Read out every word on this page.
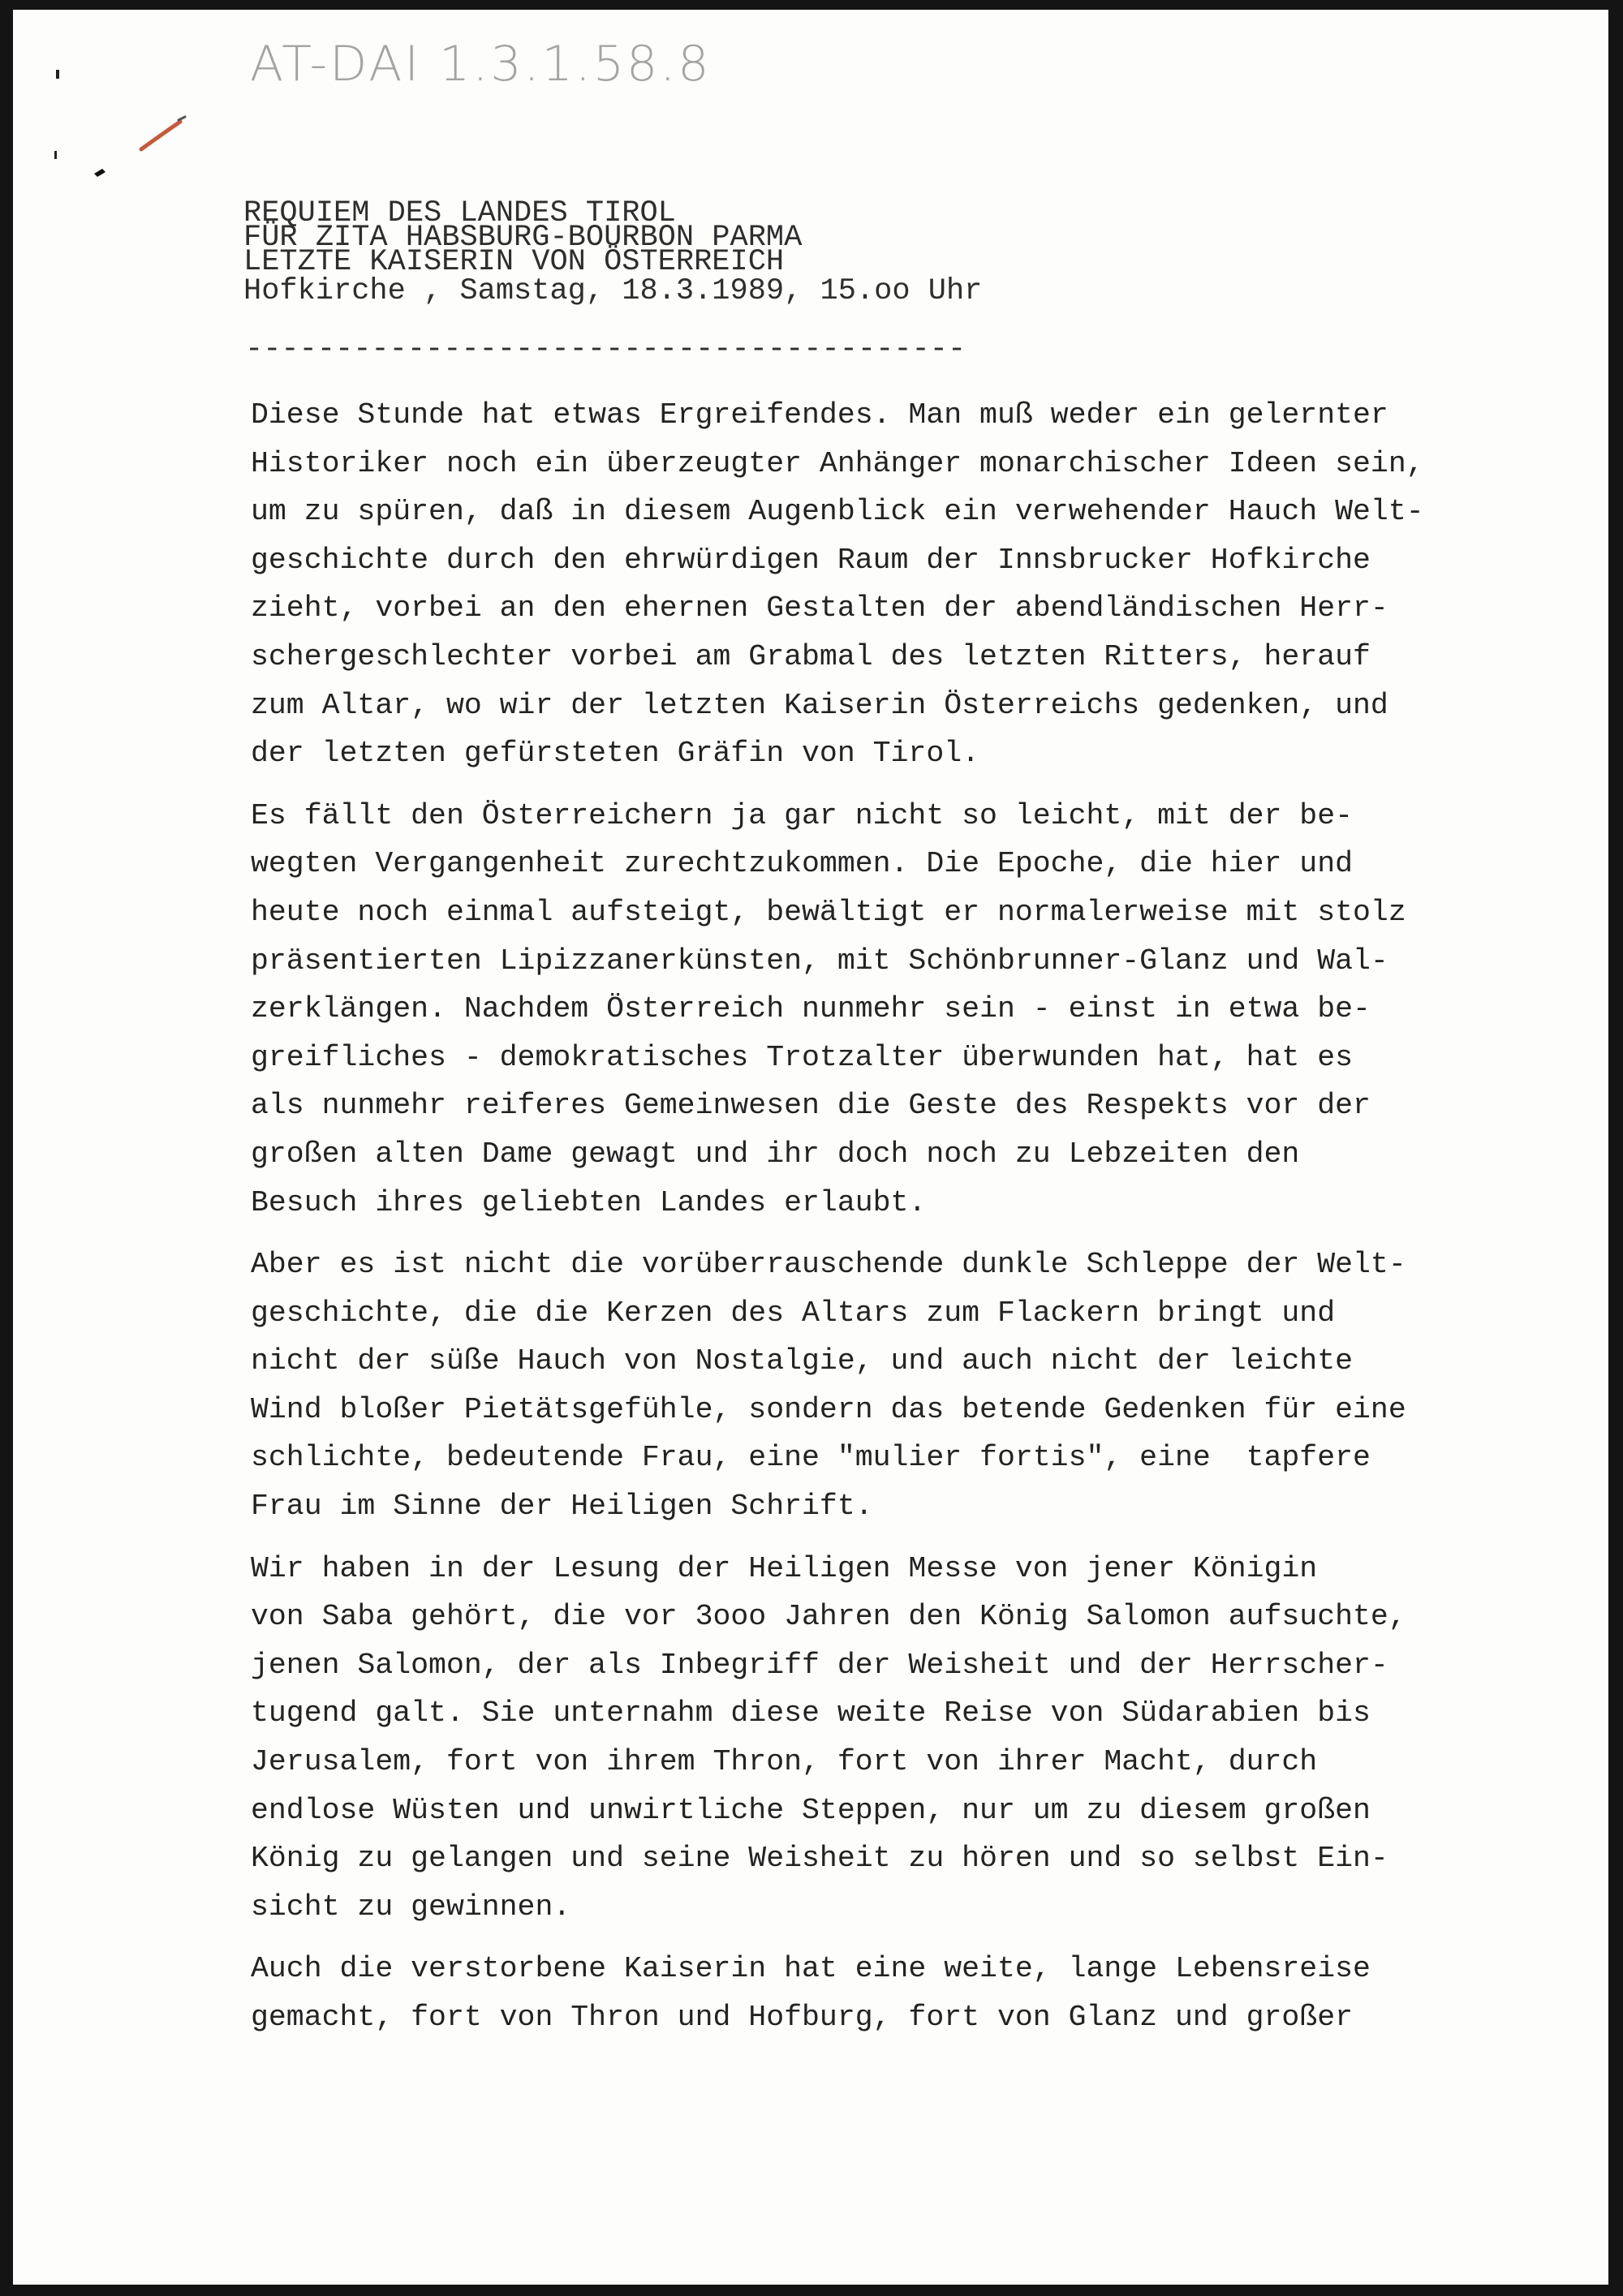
AT-DAI 1.3.1.58.8
REQUIEM DES LANDES TIROL
FÜR ZITA HABSBURG-BOURBON PARMA
LETZTE KAISERIN VON ÖSTERREICH
Hofkirche , Samstag, 18.3.1989, 15.oo Uhr
----------------------------------------
Diese Stunde hat etwas Ergreifendes. Man muß weder ein gelernter
Historiker noch ein überzeugter Anhänger monarchischer Ideen sein,
um zu spüren, daß in diesem Augenblick ein verwehender Hauch Welt-
geschichte durch den ehrwürdigen Raum der Innsbrucker Hofkirche
zieht, vorbei an den ehernen Gestalten der abendländischen Herr-
schergeschlechter vorbei am Grabmal des letzten Ritters, herauf
zum Altar, wo wir der letzten Kaiserin Österreichs gedenken, und
der letzten gefürsteten Gräfin von Tirol.
Es fällt den Österreichern ja gar nicht so leicht, mit der be-
wegten Vergangenheit zurechtzukommen. Die Epoche, die hier und
heute noch einmal aufsteigt, bewältigt er normalerweise mit stolz
präsentierten Lipizzanerkünsten, mit Schönbrunner-Glanz und Wal-
zerklängen. Nachdem Österreich nunmehr sein - einst in etwa be-
greifliches - demokratisches Trotzalter überwunden hat, hat es
als nunmehr reiferes Gemeinwesen die Geste des Respekts vor der
großen alten Dame gewagt und ihr doch noch zu Lebzeiten den
Besuch ihres geliebten Landes erlaubt.
Aber es ist nicht die vorüberrauschende dunkle Schleppe der Welt-
geschichte, die die Kerzen des Altars zum Flackern bringt und
nicht der süße Hauch von Nostalgie, und auch nicht der leichte
Wind bloßer Pietätsgefühle, sondern das betende Gedenken für eine
schlichte, bedeutende Frau, eine "mulier fortis", eine  tapfere
Frau im Sinne der Heiligen Schrift.
Wir haben in der Lesung der Heiligen Messe von jener Königin
von Saba gehört, die vor 3ooo Jahren den König Salomon aufsuchte,
jenen Salomon, der als Inbegriff der Weisheit und der Herrscher-
tugend galt. Sie unternahm diese weite Reise von Südarabien bis
Jerusalem, fort von ihrem Thron, fort von ihrer Macht, durch
endlose Wüsten und unwirtliche Steppen, nur um zu diesem großen
König zu gelangen und seine Weisheit zu hören und so selbst Ein-
sicht zu gewinnen.
Auch die verstorbene Kaiserin hat eine weite, lange Lebensreise
gemacht, fort von Thron und Hofburg, fort von Glanz und großer
